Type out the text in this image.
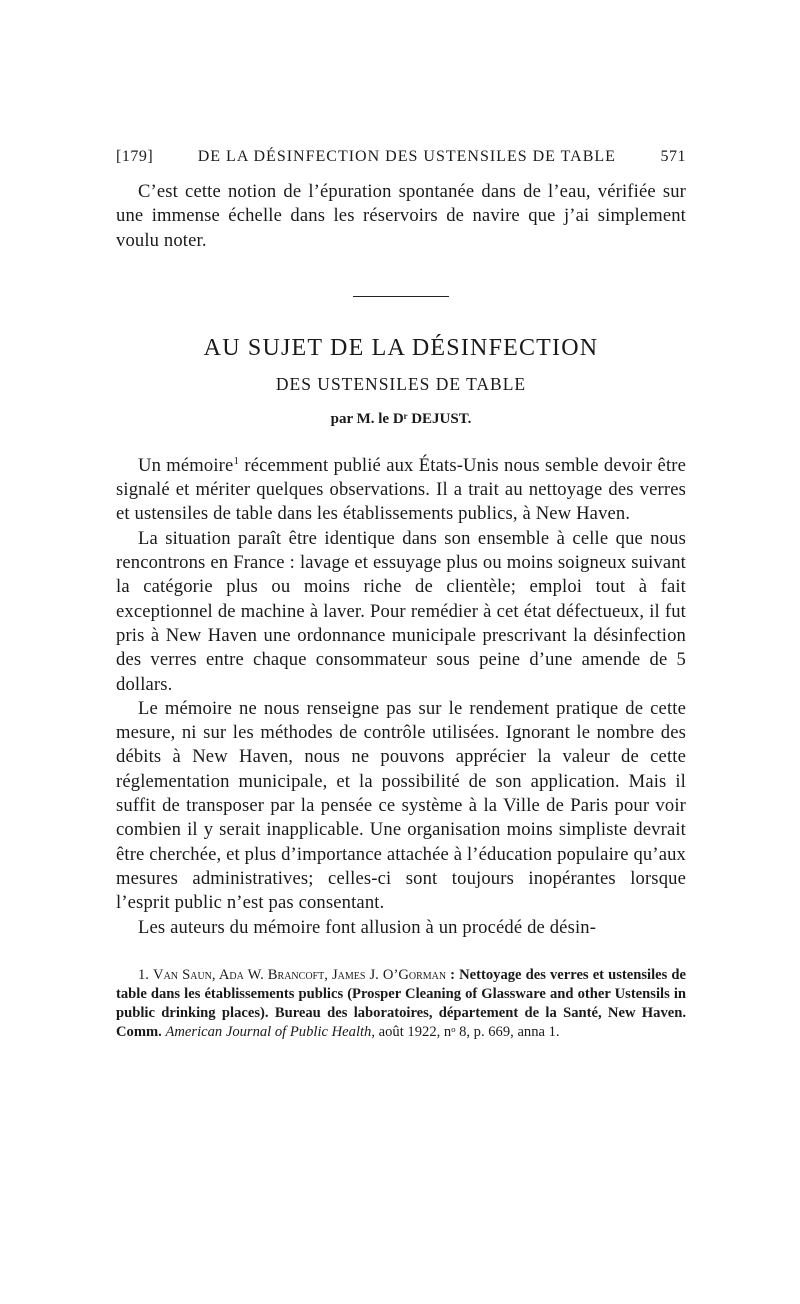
[179]	DE LA DÉSINFECTION DES USTENSILES DE TABLE	571

C’est cette notion de l’épuration spontanée dans de l’eau, vérifiée sur une immense échelle dans les réservoirs de navire que j’ai simplement voulu noter.

AU SUJET DE LA DÉSINFECTION
DES USTENSILES DE TABLE
par M. le Dʳ DEJUST.

Un mémoire$^1$ récemment publié aux États-Unis nous semble devoir être signalé et mériter quelques observations. Il a trait au nettoyage des verres et ustensiles de table dans les établissements publics, à New Haven.

La situation paraît être identique dans son ensemble à celle que nous rencontrons en France : lavage et essuyage plus ou moins soigneux suivant la catégorie plus ou moins riche de clientèle; emploi tout à fait exceptionnel de machine à laver. Pour remédier à cet état défectueux, il fut pris à New Haven une ordonnance municipale prescrivant la désinfection des verres entre chaque consommateur sous peine d’une amende de 5 dollars.

Le mémoire ne nous renseigne pas sur le rendement pratique de cette mesure, ni sur les méthodes de contrôle utilisées. Ignorant le nombre des débits à New Haven, nous ne pouvons apprécier la valeur de cette réglementation municipale, et la possibilité de son application. Mais il suffit de transposer par la pensée ce système à la Ville de Paris pour voir combien il y serait inapplicable. Une organisation moins simpliste devrait être cherchée, et plus d’importance attachée à l’éducation populaire qu’aux mesures administratives; celles-ci sont toujours inopérantes lorsque l’esprit public n’est pas consentant.

Les auteurs du mémoire font allusion à un procédé de désin-

1. Van Saun, Ada W. Brancoft, James J. O’Gorman : Nettoyage des verres et ustensiles de table dans les établissements publics (Prosper Cleaning of Glassware and other Ustensils in public drinking places). Bureau des laboratoires, département de la Santé, New Haven. Comm. American Journal of Public Health, août 1922, nᵒ 8, p. 669, anna 1.
